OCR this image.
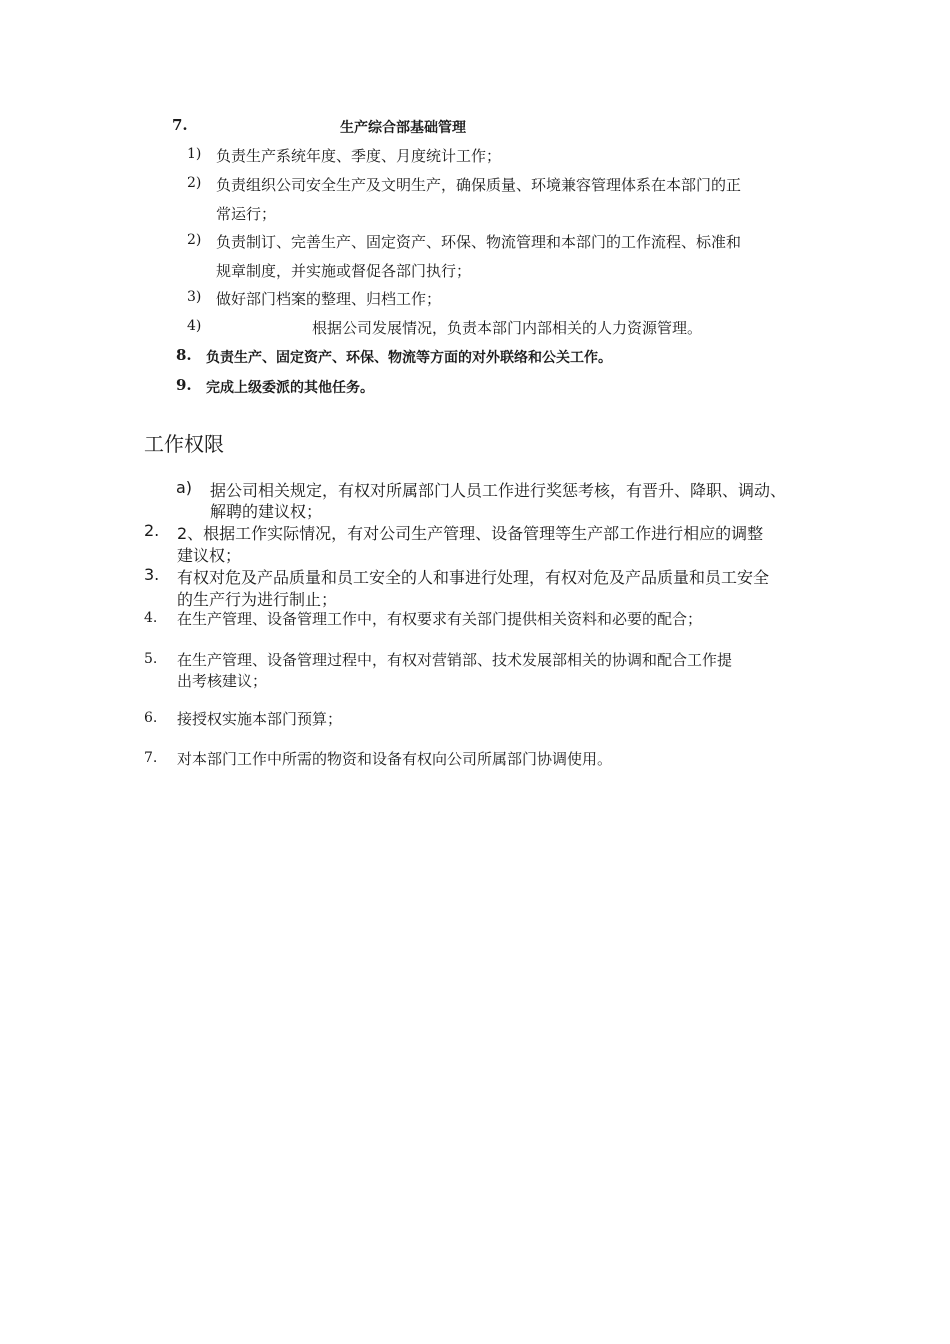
7.	生产综合部基础管理
1) 负责生产系统年度、季度、月度统计工作；
2) 负责组织公司安全生产及文明生产，确保质量、环境兼容管理体系在本部门的正
常运行；
2) 负责制订、完善生产、固定资产、环保、物流管理和本部门的工作流程、标准和
规章制度，并实施或督促各部门执行；
3) 做好部门档案的整理、归档工作；
4)	根据公司发展情况，负责本部门内部相关的人力资源管理。
8. 负责生产、固定资产、环保、物流等方面的对外联络和公关工作。
9. 完成上级委派的其他任务。
工作权限
a) 据公司相关规定，有权对所属部门人员工作进行奖惩考核，有晋升、降职、调动、
解聘的建议权；
2. 2、根据工作实际情况，有对公司生产管理、设备管理等生产部工作进行相应的调整
建议权；
3. 有权对危及产品质量和员工安全的人和事进行处理，有权对危及产品质量和员工安全
的生产行为进行制止；
4. 在生产管理、设备管理工作中，有权要求有关部门提供相关资料和必要的配合；
5. 在生产管理、设备管理过程中，有权对营销部、技术发展部相关的协调和配合工作提
出考核建议；
6. 接授权实施本部门预算；
7. 对本部门工作中所需的物资和设备有权向公司所属部门协调使用。
